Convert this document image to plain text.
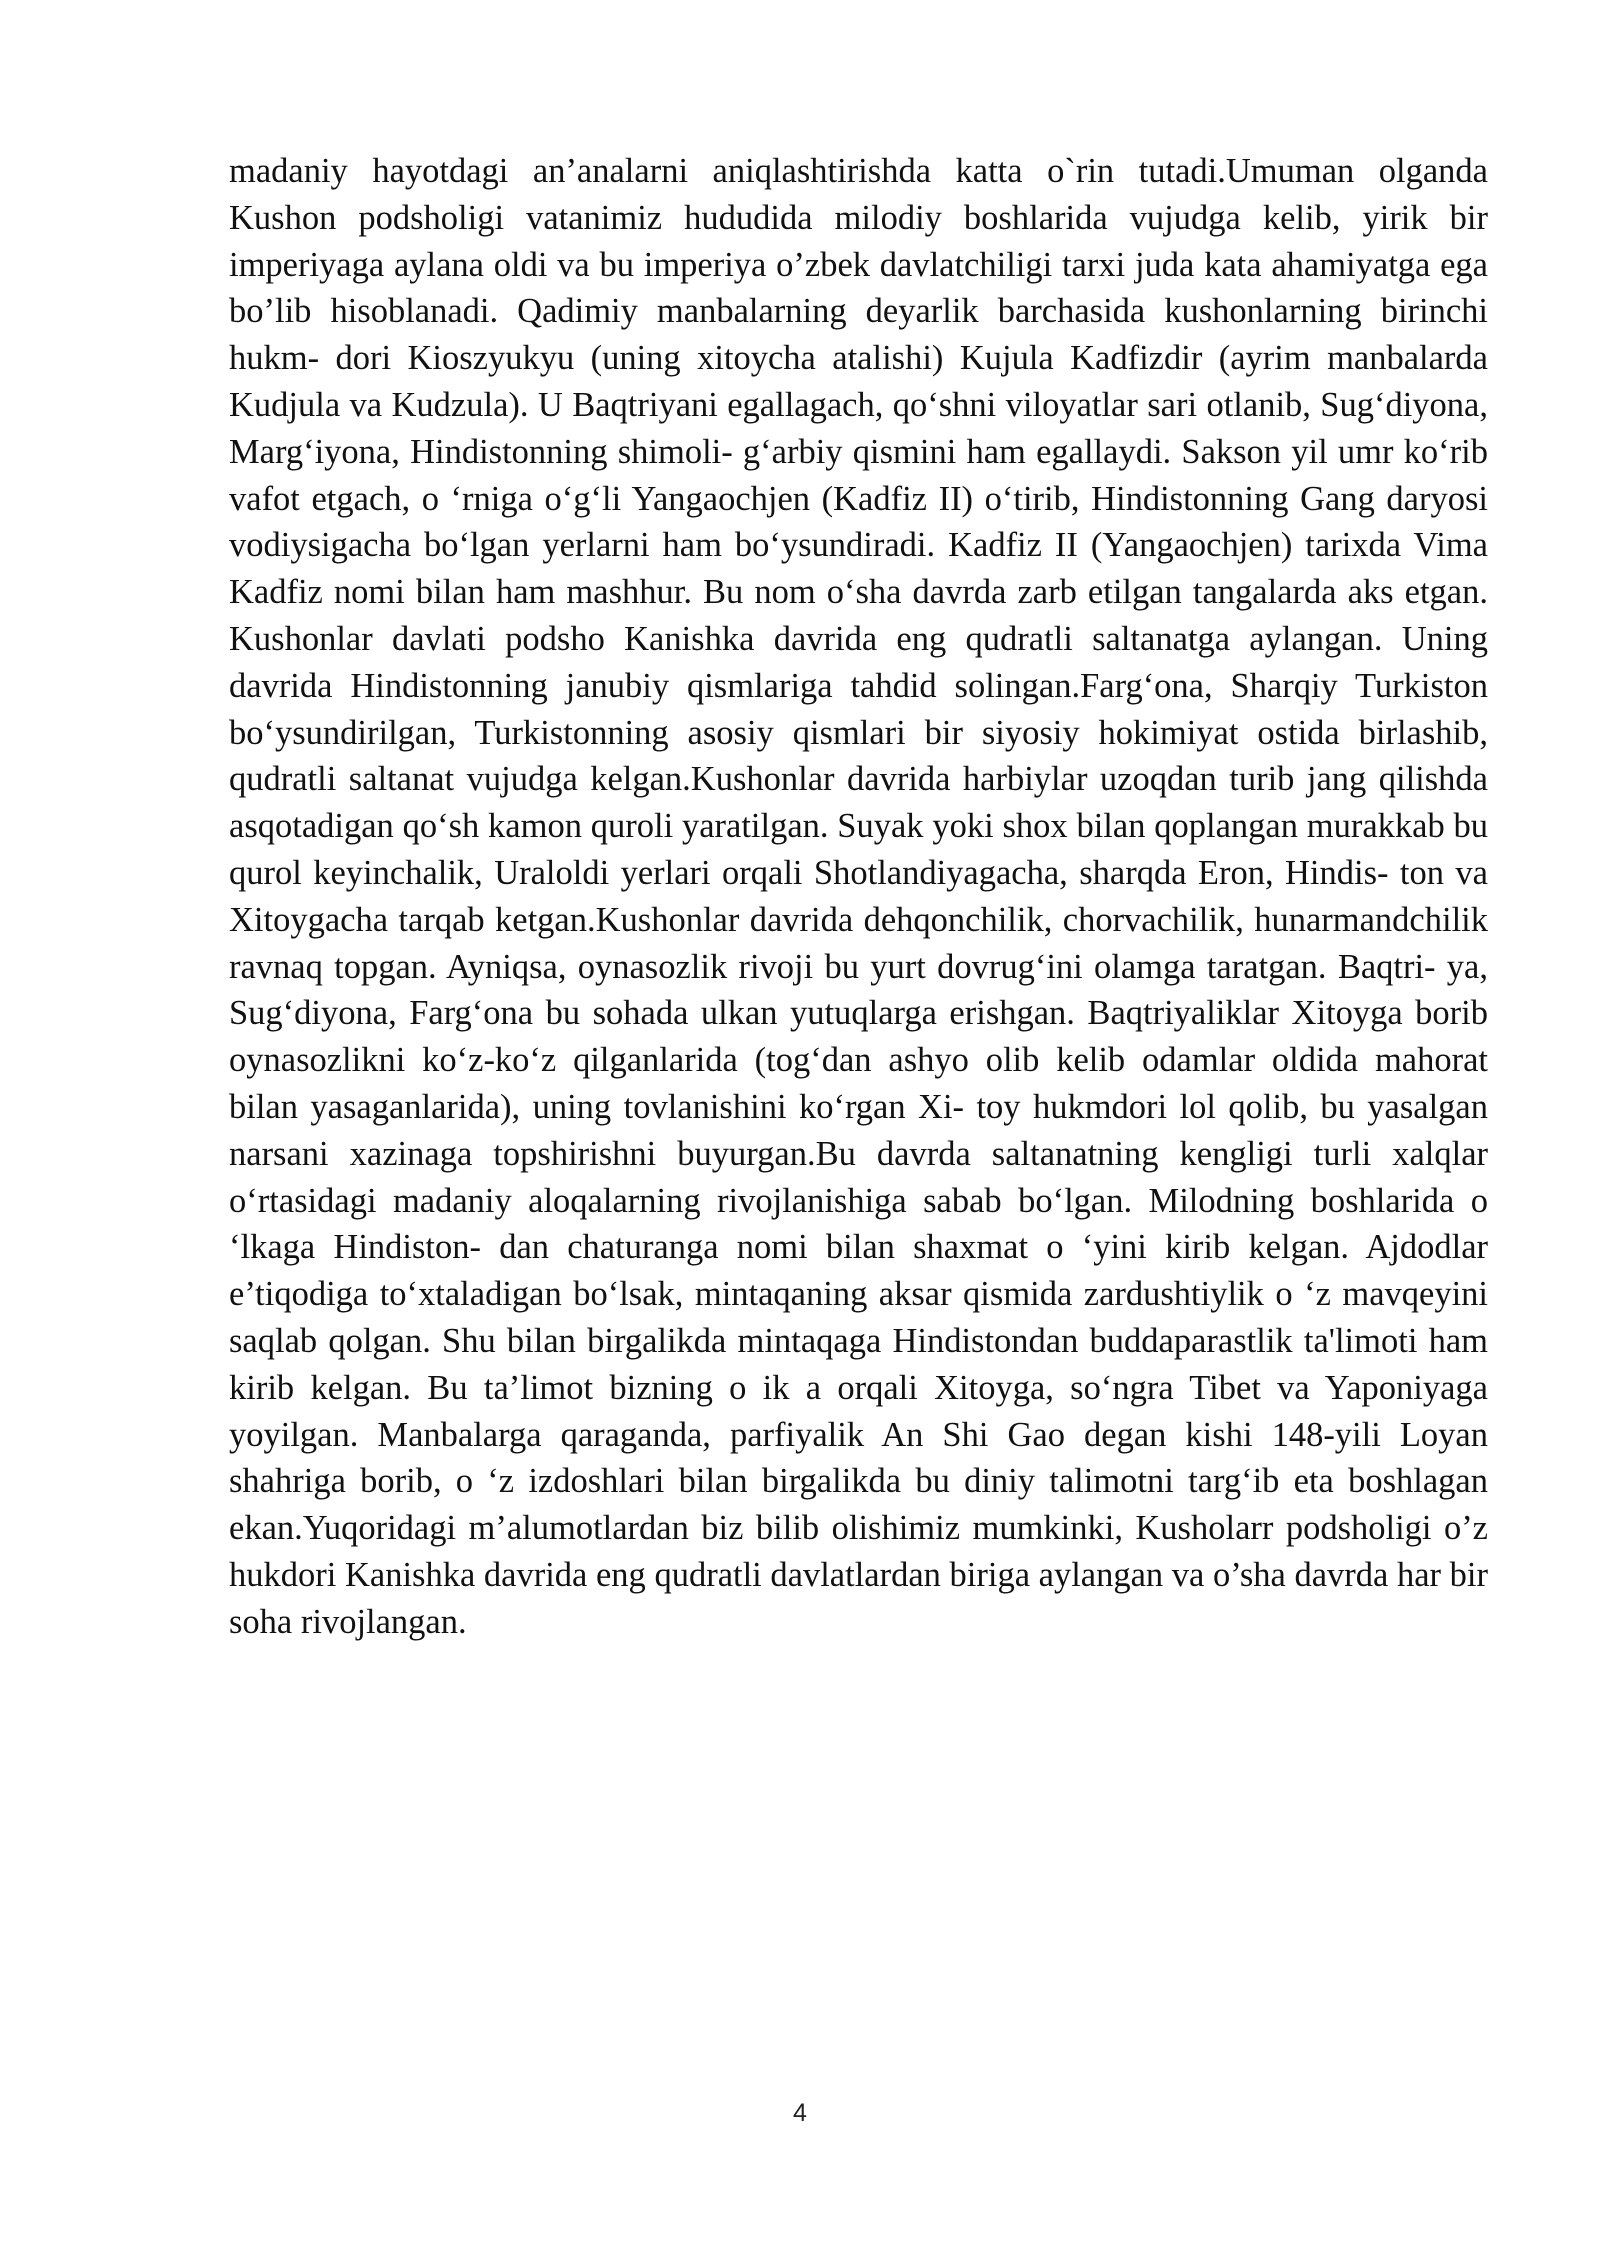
madaniy hayotdagi an’analarni aniqlashtirishda katta o`rin tutadi.Umuman olganda Kushon podsholigi vatanimiz hududida milodiy boshlarida vujudga kelib, yirik bir imperiyaga aylana oldi va bu imperiya o’zbek davlatchiligi tarxi juda kata ahamiyatga ega bo’lib hisoblanadi. Qadimiy manbalarning deyarlik barchasida kushonlarning birinchi hukm- dori Kioszyukyu (uning xitoycha atalishi) Kujula Kadfizdir (ayrim manbalarda Kudjula va Kudzula). U Baqtriyani egallagach, qo‘shni viloyatlar sari otlanib, Sug‘diyona, Marg‘iyona, Hindistonning shimoli- g‘arbiy qismini ham egallaydi. Sakson yil umr ko‘rib vafot etgach, o ‘rniga o‘g‘li Yangaochjen (Kadfiz II) o‘tirib, Hindistonning Gang daryosi vodiysigacha bo‘lgan yerlarni ham bo‘ysundiradi. Kadfiz II (Yangaochjen) tarixda Vima Kadfiz nomi bilan ham mashhur. Bu nom o‘sha davrda zarb etilgan tangalarda aks etgan. Kushonlar davlati podsho Kanishka davrida eng qudratli saltanatga aylangan. Uning davrida Hindistonning janubiy qismlariga tahdid solingan.Farg‘ona, Sharqiy Turkiston bo‘ysundirilgan, Turkistonning asosiy qismlari bir siyosiy hokimiyat ostida birlashib, qudratli saltanat vujudga kelgan.Kushonlar davrida harbiylar uzoqdan turib jang qilishda asqotadigan qo‘sh kamon quroli yaratilgan. Suyak yoki shox bilan qoplangan murakkab bu qurol keyinchalik, Uraloldi yerlari orqali Shotlandiyagacha, sharqda Eron, Hindis- ton va Xitoygacha tarqab ketgan.Kushonlar davrida dehqonchilik, chorvachilik, hunarmandchilik ravnaq topgan. Ayniqsa, oynasozlik rivoji bu yurt dovrug‘ini olamga taratgan. Baqtri- ya, Sug‘diyona, Farg‘ona bu sohada ulkan yutuqlarga erishgan. Baqtriyaliklar Xitoyga borib oynasozlikni ko‘z-ko‘z qilganlarida (tog‘dan ashyo olib kelib odamlar oldida mahorat bilan yasaganlarida), uning tovlanishini ko‘rgan Xi- toy hukmdori lol qolib, bu yasalgan narsani xazinaga topshirishni buyurgan.Bu davrda saltanatning kengligi turli xalqlar o‘rtasidagi madaniy aloqalarning rivojlanishiga sabab bo‘lgan. Milodning boshlarida o ‘lkaga Hindiston- dan chaturanga nomi bilan shaxmat o ‘yini kirib kelgan. Ajdodlar e’tiqodiga to‘xtaladigan bo‘lsak, mintaqaning aksar qismida zardushtiylik o ‘z mavqeyini saqlab qolgan. Shu bilan birgalikda mintaqaga Hindistondan buddaparastlik ta'limoti ham kirib kelgan. Bu ta’limot bizning o ik a orqali Xitoyga, so‘ngra Tibet va Yaponiyaga yoyilgan. Manbalarga qaraganda, parfiyalik An Shi Gao degan kishi 148-yili Loyan shahriga borib, o ‘z izdoshlari bilan birgalikda bu diniy talimotni targ‘ib eta boshlagan ekan.Yuqoridagi m’alumotlardan biz bilib olishimiz mumkinki, Kusholarr podsholigi o’z hukdori Kanishka davrida eng qudratli davlatlardan biriga aylangan va o’sha davrda har bir soha rivojlangan.

4
